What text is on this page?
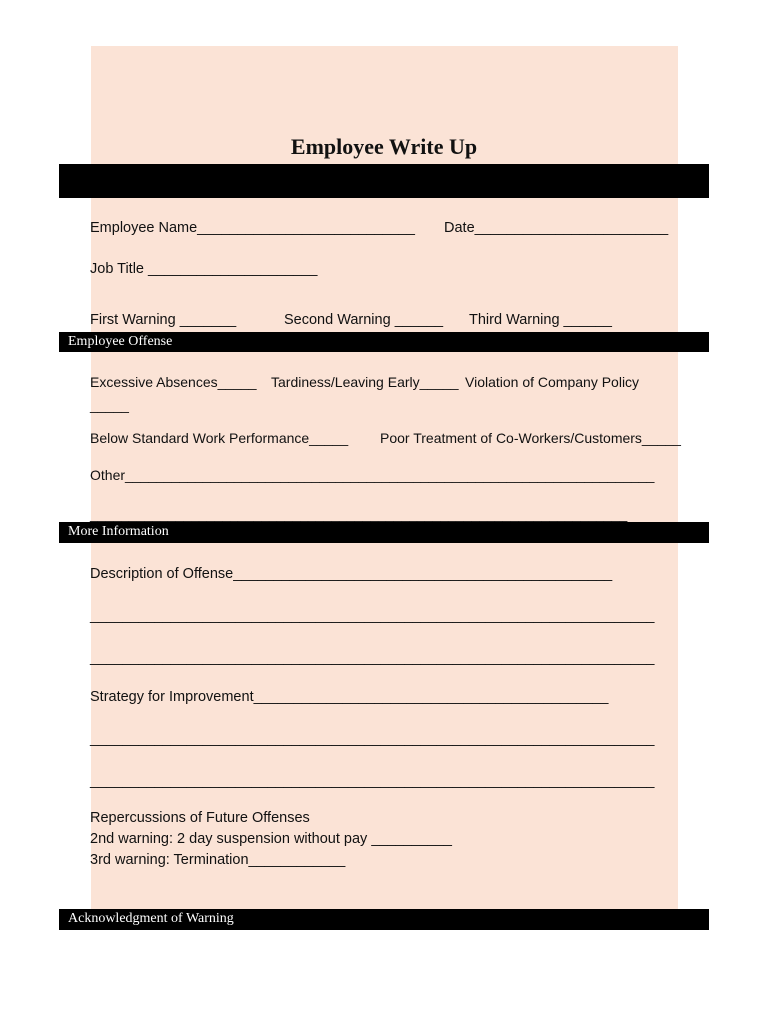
Employee Write Up
Employee Name___________________________ Date________________________
Job Title _____________________
First Warning _______	Second Warning ______ Third Warning ______
Employee Offense
Excessive Absences_____ Tardiness/Leaving Early_____ Violation of Company Policy
_____
Below Standard Work Performance_____ Poor Treatment of Co-Workers/Customers_____
Other____________________________________________________________________
_____________________________________________________________________
More Information
Description of Offense_______________________________________________
______________________________________________________________________
______________________________________________________________________
Strategy for Improvement____________________________________________
______________________________________________________________________
______________________________________________________________________
Repercussions of Future Offenses
2nd warning: 2 day suspension without pay __________
3rd warning: Termination____________
Acknowledgment of Warning
